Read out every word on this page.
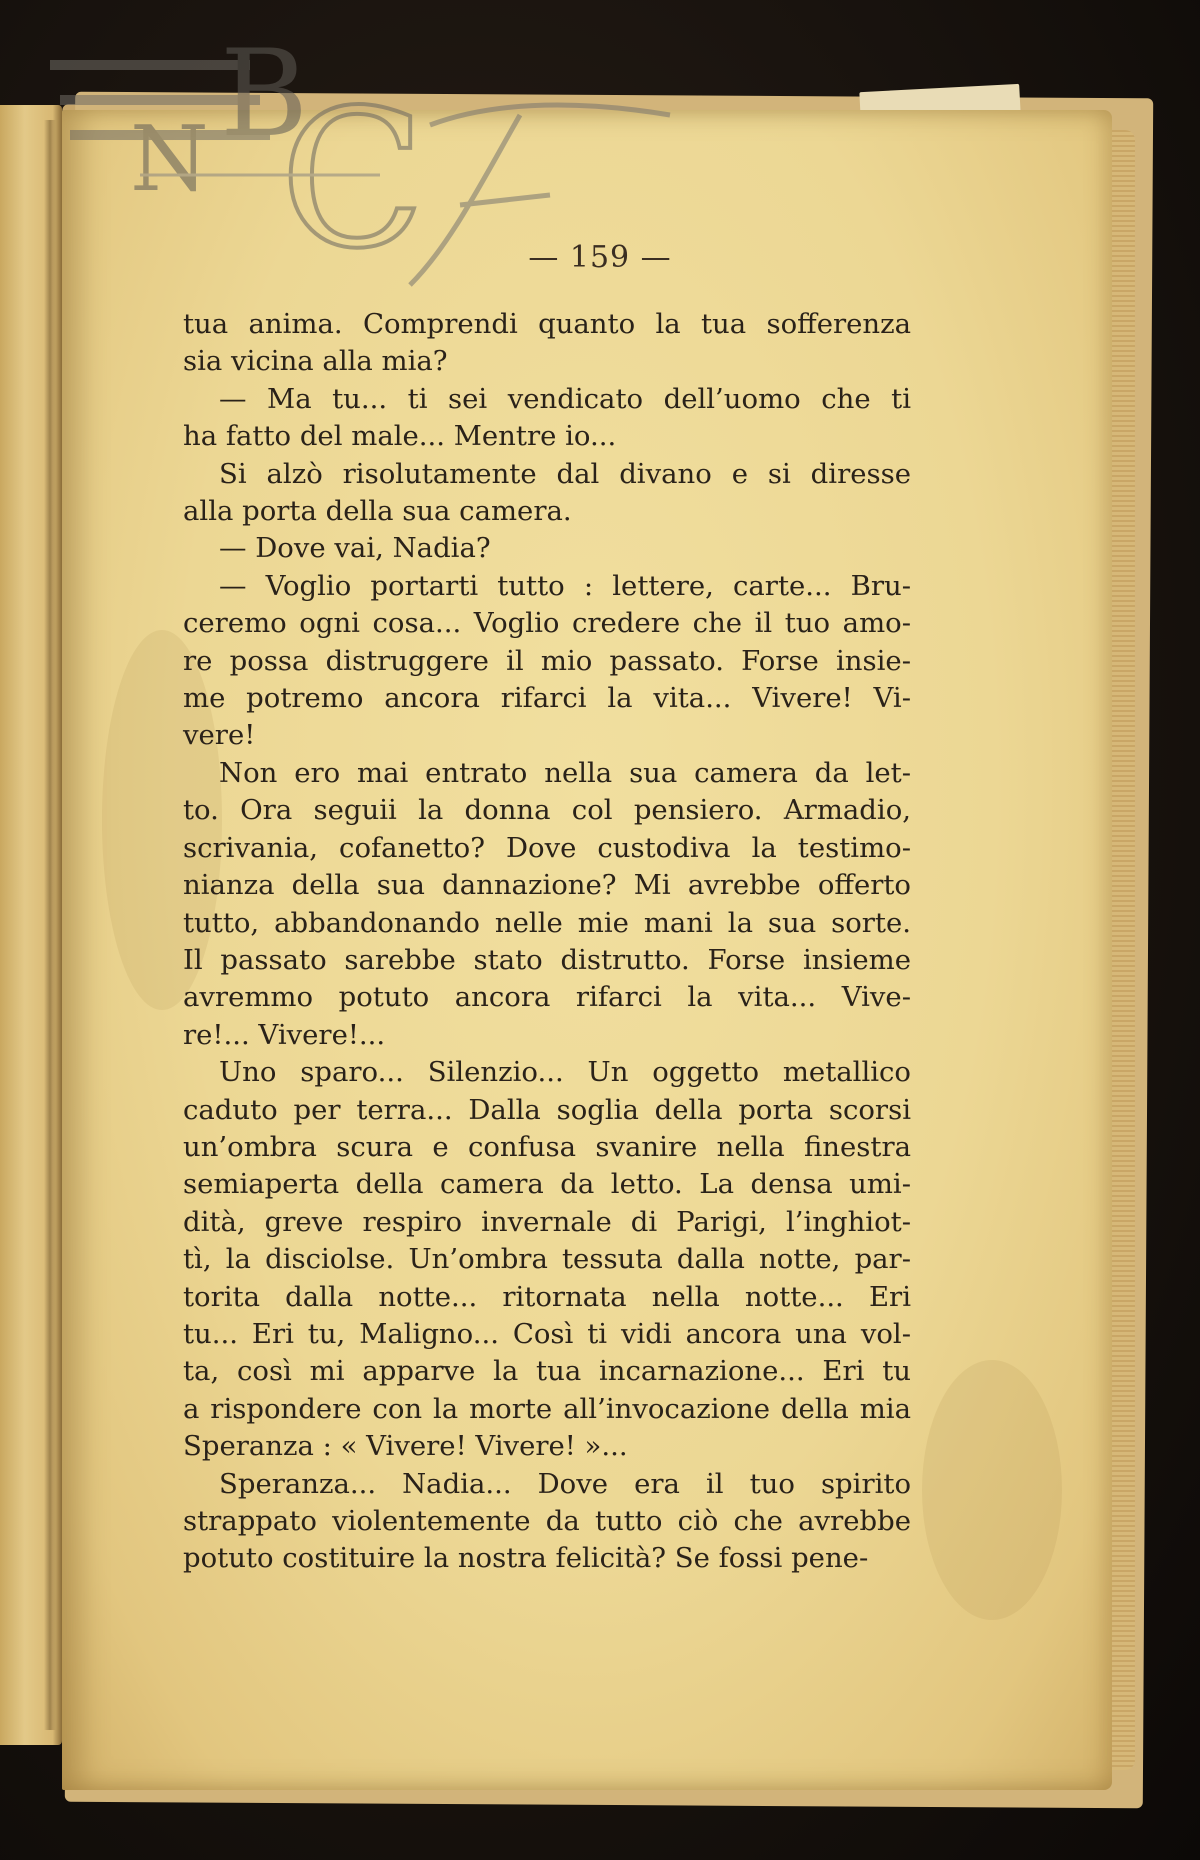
B
N C	— 159 —
tua anima. Comprendi quanto la tua sofferenza
sia vicina alla mia?
— Ma tu... ti sei vendicato dell’uomo che ti
ha fatto del male... Mentre io...
Si alzò risolutamente dal divano e si diresse
alla porta della sua camera.
— Dove vai, Nadia?
— Voglio portarti tutto : lettere, carte... Bru-
ceremo ogni cosa... Voglio credere che il tuo amo-
re possa distruggere il mio passato. Forse insie-
me potremo ancora rifarci la vita... Vivere! Vi-
vere!
Non ero mai entrato nella sua camera da let-
to. Ora seguii la donna col pensiero. Armadio,
scrivania, cofanetto? Dove custodiva la testimo-
nianza della sua dannazione? Mi avrebbe offerto
tutto, abbandonando nelle mie mani la sua sorte.
Il passato sarebbe stato distrutto. Forse insieme
avremmo potuto ancora rifarci la vita... Vive-
re!... Vivere!...
Uno sparo... Silenzio... Un oggetto metallico
caduto per terra... Dalla soglia della porta scorsi
un’ombra scura e confusa svanire nella finestra
semiaperta della camera da letto. La densa umi-
dità, greve respiro invernale di Parigi, l’inghiot-
tì, la disciolse. Un’ombra tessuta dalla notte, par-
torita dalla notte... ritornata nella notte... Eri
tu... Eri tu, Maligno... Così ti vidi ancora una vol-
ta, così mi apparve la tua incarnazione... Eri tu
a rispondere con la morte all’invocazione della mia
Speranza : « Vivere! Vivere! »...
Speranza... Nadia... Dove era il tuo spirito
strappato violentemente da tutto ciò che avrebbe
potuto costituire la nostra felicità? Se fossi pene-
